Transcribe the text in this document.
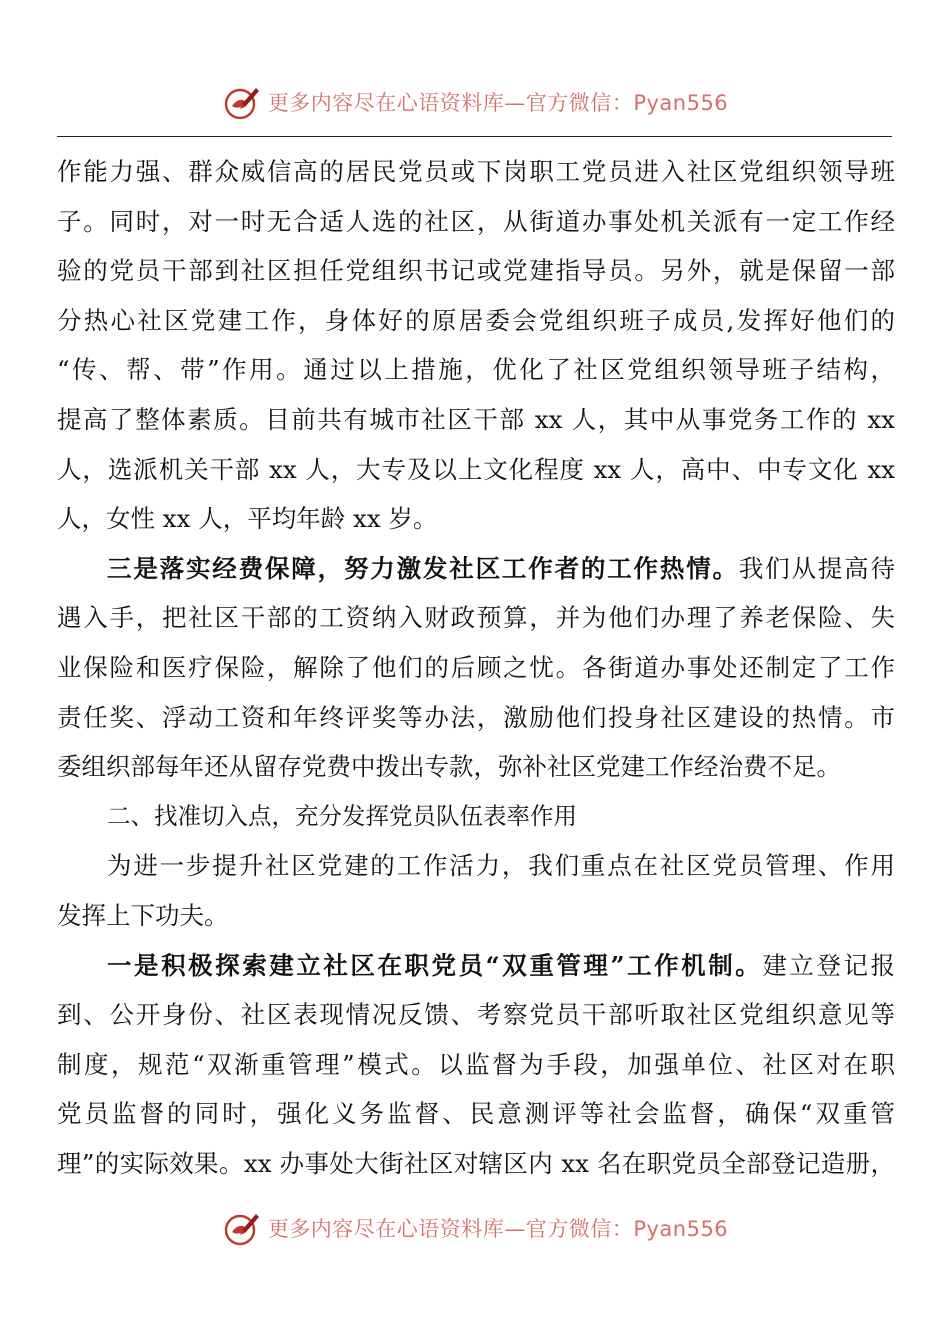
更多内容尽在心语资料库—官方微信：Pyan556
作能力强、群众威信高的居民党员或下岗职工党员进入社区党组织领导班
子。同时，对一时无合适人选的社区，从街道办事处机关派有一定工作经
验的党员干部到社区担任党组织书记或党建指导员。另外，就是保留一部
分热心社区党建工作，身体好的原居委会党组织班子成员,发挥好他们的
“传、帮、带”作用。通过以上措施，优化了社区党组织领导班子结构，
提高了整体素质。目前共有城市社区干部 xx 人，其中从事党务工作的 xx
人，选派机关干部 xx 人，大专及以上文化程度 xx 人，高中、中专文化 xx
人，女性 xx 人，平均年龄 xx 岁。
三是落实经费保障，努力激发社区工作者的工作热情。我们从提高待
遇入手，把社区干部的工资纳入财政预算，并为他们办理了养老保险、失
业保险和医疗保险，解除了他们的后顾之忧。各街道办事处还制定了工作
责任奖、浮动工资和年终评奖等办法，激励他们投身社区建设的热情。市
委组织部每年还从留存党费中拨出专款，弥补社区党建工作经治费不足。
二、找准切入点，充分发挥党员队伍表率作用
为进一步提升社区党建的工作活力，我们重点在社区党员管理、作用
发挥上下功夫。
一是积极探索建立社区在职党员“双重管理”工作机制。建立登记报
到、公开身份、社区表现情况反馈、考察党员干部听取社区党组织意见等
制度，规范“双渐重管理”模式。以监督为手段，加强单位、社区对在职
党员监督的同时，强化义务监督、民意测评等社会监督，确保“双重管
理”的实际效果。xx 办事处大街社区对辖区内 xx 名在职党员全部登记造册，
更多内容尽在心语资料库—官方微信：Pyan556
